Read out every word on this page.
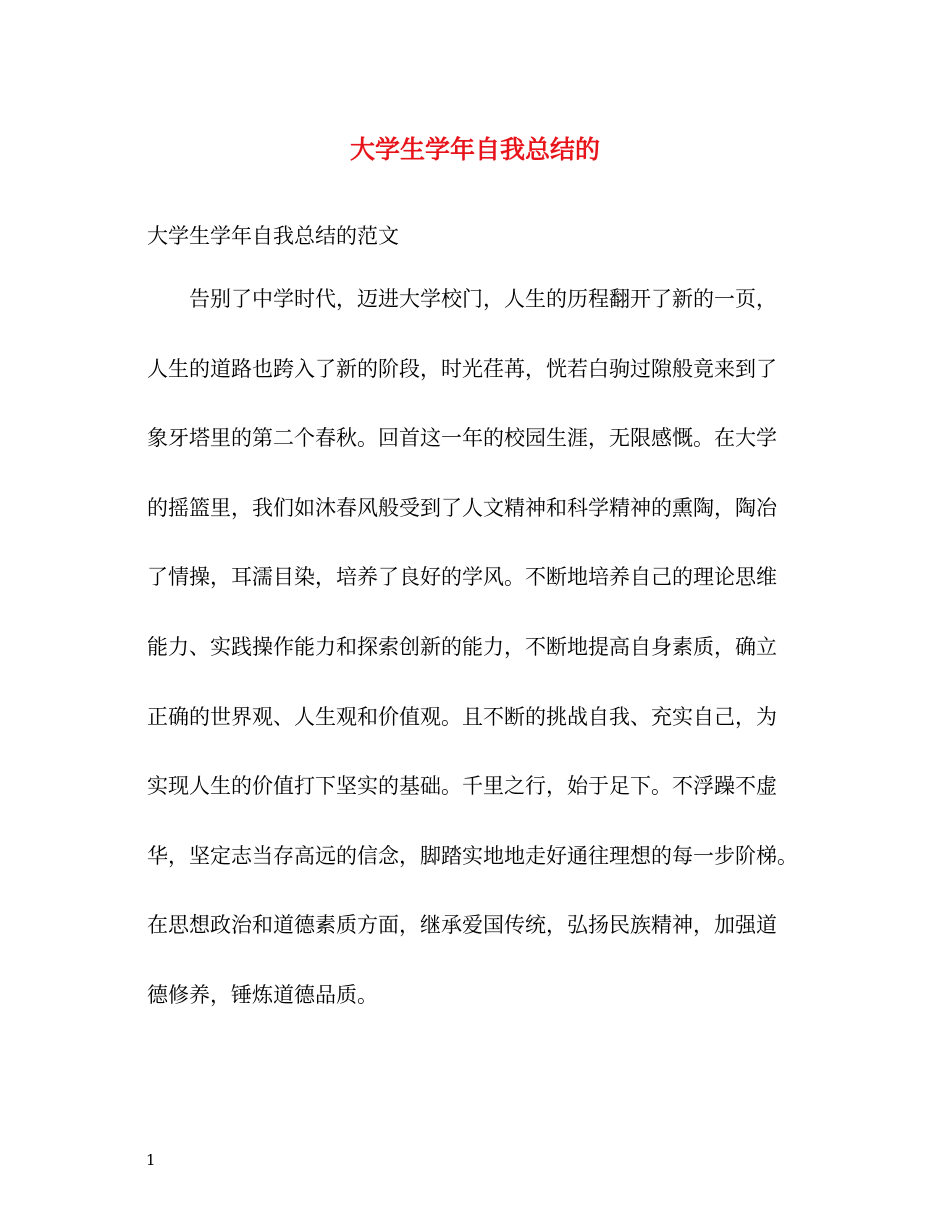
大学生学年自我总结的
大学生学年自我总结的范文
告别了中学时代，迈进大学校门，人生的历程翻开了新的一页，
人生的道路也跨入了新的阶段，时光荏苒，恍若白驹过隙般竟来到了
象牙塔里的第二个春秋。回首这一年的校园生涯，无限感慨。在大学
的摇篮里，我们如沐春风般受到了人文精神和科学精神的熏陶，陶冶
了情操，耳濡目染，培养了良好的学风。不断地培养自己的理论思维
能力、实践操作能力和探索创新的能力，不断地提高自身素质，确立
正确的世界观、人生观和价值观。且不断的挑战自我、充实自己，为
实现人生的价值打下坚实的基础。千里之行，始于足下。不浮躁不虚
华，坚定志当存高远的信念，脚踏实地地走好通往理想的每一步阶梯。
在思想政治和道德素质方面，继承爱国传统，弘扬民族精神，加强道
德修养，锤炼道德品质。
1
